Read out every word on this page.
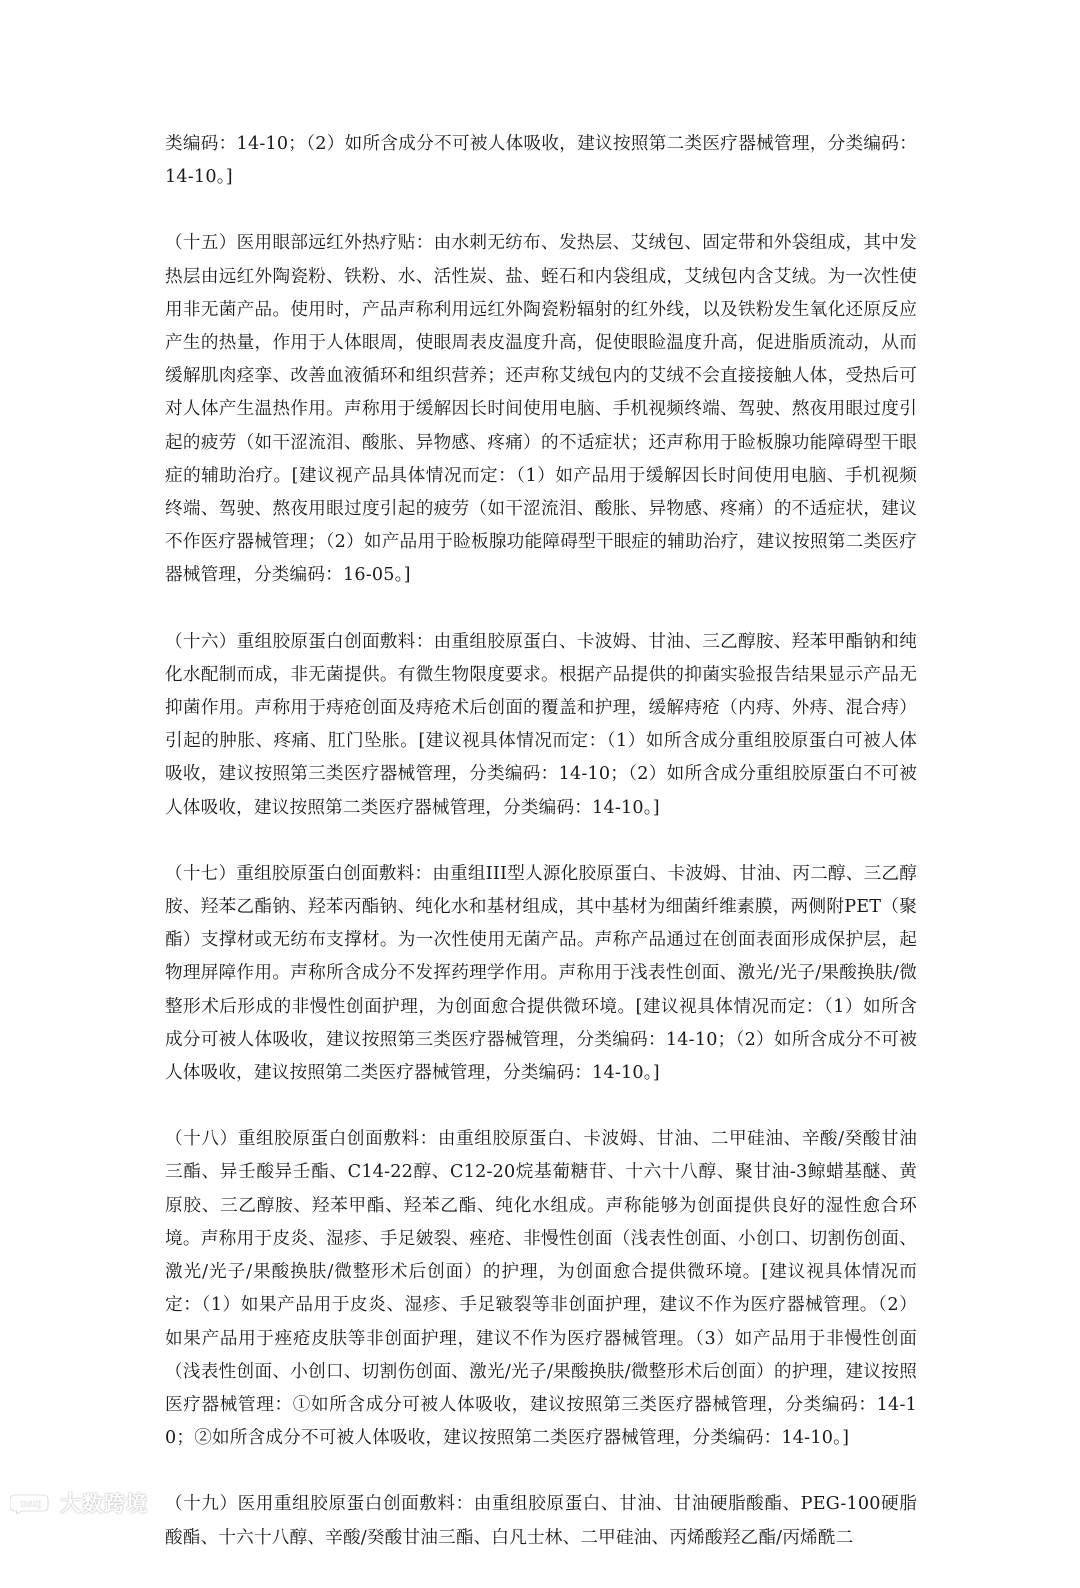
类编码：14-10；（2）如所含成分不可被人体吸收，建议按照第二类医疗器械管理，分类编码：14-10。]

（十五）医用眼部远红外热疗贴：由水刺无纺布、发热层、艾绒包、固定带和外袋组成，其中发热层由远红外陶瓷粉、铁粉、水、活性炭、盐、蛭石和内袋组成，艾绒包内含艾绒。为一次性使用非无菌产品。使用时，产品声称利用远红外陶瓷粉辐射的红外线，以及铁粉发生氧化还原反应产生的热量，作用于人体眼周，使眼周表皮温度升高，促使眼睑温度升高，促进脂质流动，从而缓解肌肉痉挛、改善血液循环和组织营养；还声称艾绒包内的艾绒不会直接接触人体，受热后可对人体产生温热作用。声称用于缓解因长时间使用电脑、手机视频终端、驾驶、熬夜用眼过度引起的疲劳（如干涩流泪、酸胀、异物感、疼痛）的不适症状；还声称用于睑板腺功能障碍型干眼症的辅助治疗。[建议视产品具体情况而定：（1）如产品用于缓解因长时间使用电脑、手机视频终端、驾驶、熬夜用眼过度引起的疲劳（如干涩流泪、酸胀、异物感、疼痛）的不适症状，建议不作医疗器械管理；（2）如产品用于睑板腺功能障碍型干眼症的辅助治疗，建议按照第二类医疗器械管理，分类编码：16-05。]

（十六）重组胶原蛋白创面敷料：由重组胶原蛋白、卡波姆、甘油、三乙醇胺、羟苯甲酯钠和纯化水配制而成，非无菌提供。有微生物限度要求。根据产品提供的抑菌实验报告结果显示产品无抑菌作用。声称用于痔疮创面及痔疮术后创面的覆盖和护理，缓解痔疮（内痔、外痔、混合痔）引起的肿胀、疼痛、肛门坠胀。[建议视具体情况而定：（1）如所含成分重组胶原蛋白可被人体吸收，建议按照第三类医疗器械管理，分类编码：14-10；（2）如所含成分重组胶原蛋白不可被人体吸收，建议按照第二类医疗器械管理，分类编码：14-10。]

（十七）重组胶原蛋白创面敷料：由重组III型人源化胶原蛋白、卡波姆、甘油、丙二醇、三乙醇胺、羟苯乙酯钠、羟苯丙酯钠、纯化水和基材组成，其中基材为细菌纤维素膜，两侧附PET（聚酯）支撑材或无纺布支撑材。为一次性使用无菌产品。声称产品通过在创面表面形成保护层，起物理屏障作用。声称所含成分不发挥药理学作用。声称用于浅表性创面、激光/光子/果酸换肤/微整形术后形成的非慢性创面护理，为创面愈合提供微环境。[建议视具体情况而定：（1）如所含成分可被人体吸收，建议按照第三类医疗器械管理，分类编码：14-10；（2）如所含成分不可被人体吸收，建议按照第二类医疗器械管理，分类编码：14-10。]

（十八）重组胶原蛋白创面敷料：由重组胶原蛋白、卡波姆、甘油、二甲硅油、辛酸/癸酸甘油三酯、异壬酸异壬酯、C14-22醇、C12-20烷基葡糖苷、十六十八醇、聚甘油-3鲸蜡基醚、黄原胶、三乙醇胺、羟苯甲酯、羟苯乙酯、纯化水组成。声称能够为创面提供良好的湿性愈合环境。声称用于皮炎、湿疹、手足皴裂、痤疮、非慢性创面（浅表性创面、小创口、切割伤创面、激光/光子/果酸换肤/微整形术后创面）的护理，为创面愈合提供微环境。[建议视具体情况而定：（1）如果产品用于皮炎、湿疹、手足皲裂等非创面护理，建议不作为医疗器械管理。（2）如果产品用于痤疮皮肤等非创面护理，建议不作为医疗器械管理。（3）如产品用于非慢性创面（浅表性创面、小创口、切割伤创面、激光/光子/果酸换肤/微整形术后创面）的护理，建议按照医疗器械管理：①如所含成分可被人体吸收，建议按照第三类医疗器械管理，分类编码：14-10；②如所含成分不可被人体吸收，建议按照第二类医疗器械管理，分类编码：14-10。]

（十九）医用重组胶原蛋白创面敷料：由重组胶原蛋白、甘油、甘油硬脂酸酯、PEG-100硬脂酸酯、十六十八醇、辛酸/癸酸甘油三酯、白凡士林、二甲硅油、丙烯酸羟乙酯/丙烯酰二

DSKJ 大数跨境
